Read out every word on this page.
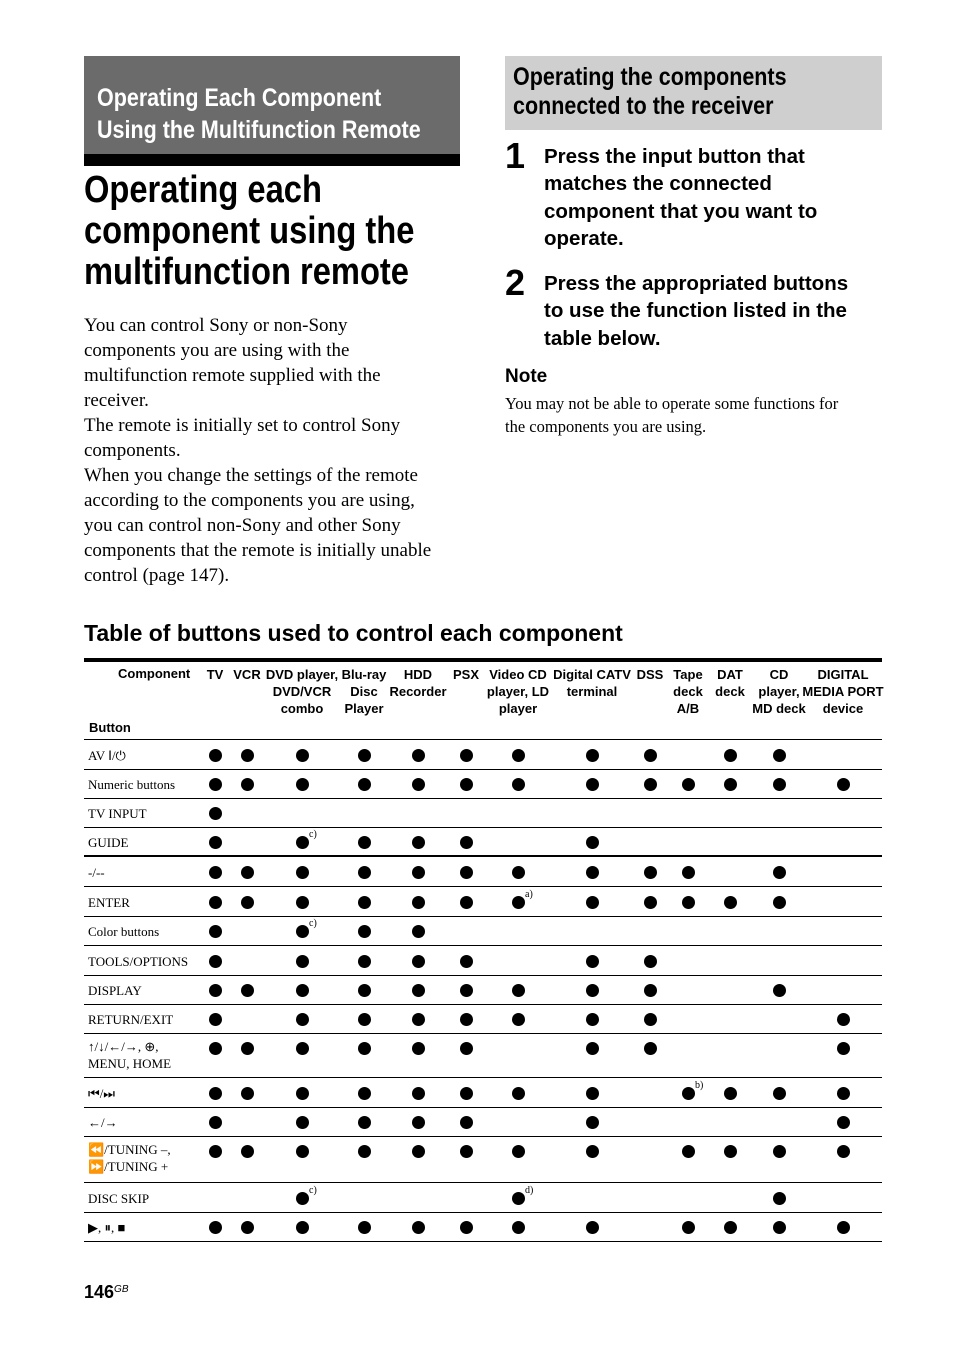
Operating Each Component
Using the Multifunction Remote
Operating each
component using the
multifunction remote
You can control Sony or non-Sony
components you are using with the
multifunction remote supplied with the
receiver.
The remote is initially set to control Sony
components.
When you change the settings of the remote
according to the components you are using,
you can control non-Sony and other Sony
components that the remote is initially unable
control (page 147).
Operating the components
connected to the receiver
1 Press the input button that
matches the connected
component that you want to
operate.
2 Press the appropriated buttons
to use the function listed in the
table below.
Note
You may not be able to operate some functions for
the components you are using.
Table of buttons used to control each component
Component
Button
TV VCR DVD player,
DVD/VCR
combo
Blu-ray
Disc
Player
HDD
Recorder
PSX Video CD
player, LD
player
Digital CATV
terminal
DSS Tape
deck
A/B
DAT
deck
CD
player,
MD deck
DIGITAL
MEDIA PORT
device
AV Ⅰ/⏻
Numeric buttons
TV INPUT
GUIDE
c)
-/--
ENTER
a)
Color buttons
c)
TOOLS/OPTIONS
DISPLAY
RETURN/EXIT
↑/↓/←/→, ⊕,
MENU, HOME
⏮/⏭
b)
←/→
⏪/TUNING –,
⏩/TUNING +
DISC SKIP
c)	d)
▶, ⏸, ■
$146^{GB}$
